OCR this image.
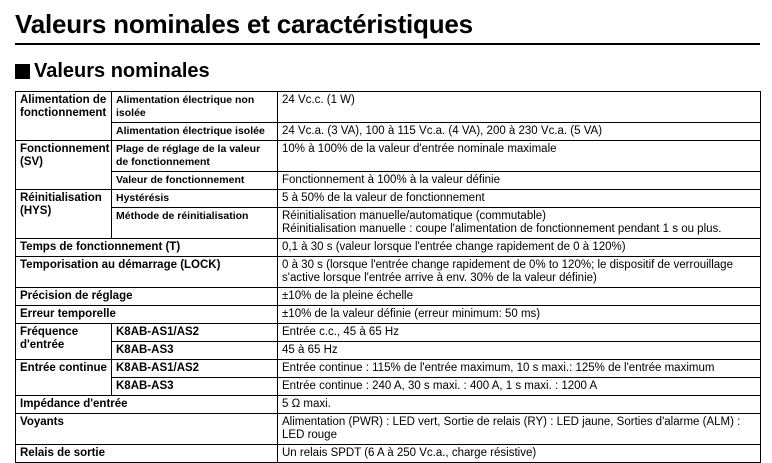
Valeurs nominales et caractéristiques
Valeurs nominales
Alimentation de fonctionnement	Alimentation électrique non isolée	24 Vc.c. (1 W)
	Alimentation électrique isolée	24 Vc.a. (3 VA), 100 à 115 Vc.a. (4 VA), 200 à 230 Vc.a. (5 VA)
Fonctionnement (SV)	Plage de réglage de la valeur de fonctionnement	10% à 100% de la valeur d'entrée nominale maximale
	Valeur de fonctionnement	Fonctionnement à 100% à la valeur définie
Réinitialisation (HYS)	Hystérésis	5 à 50% de la valeur de fonctionnement
	Méthode de réinitialisation	Réinitialisation manuelle/automatique (commutable)
Réinitialisation manuelle : coupe l'alimentation de fonctionnement pendant 1 s ou plus.

Temps de fonctionnement (T)		0,1 à 30 s (valeur lorsque l'entrée change rapidement de 0 à 120%)
Temporisation au démarrage (LOCK)		0 à 30 s (lorsque l'entrée change rapidement de 0% to 120%; le dispositif de verrouillage s'active lorsque l'entrée arrive à env. 30% de la valeur définie)
Précision de réglage		±10% de la pleine échelle
Erreur temporelle		±10% de la valeur définie (erreur minimum: 50 ms)
Fréquence d'entrée	K8AB-AS1/AS2	Entrée c.c., 45 à 65 Hz
	K8AB-AS3	45 à 65 Hz
Entrée continue	K8AB-AS1/AS2	Entrée continue : 115% de l'entrée maximum, 10 s maxi.: 125% de l'entrée maximum
	K8AB-AS3	Entrée continue : 240 A, 30 s maxi. : 400 A, 1 s maxi. : 1200 A
Impédance d'entrée		5 Ω maxi.
Voyants		Alimentation (PWR) : LED vert, Sortie de relais (RY) : LED jaune, Sorties d'alarme (ALM) : LED rouge
Relais de sortie		Un relais SPDT (6 A à 250 Vc.a., charge résistive)
